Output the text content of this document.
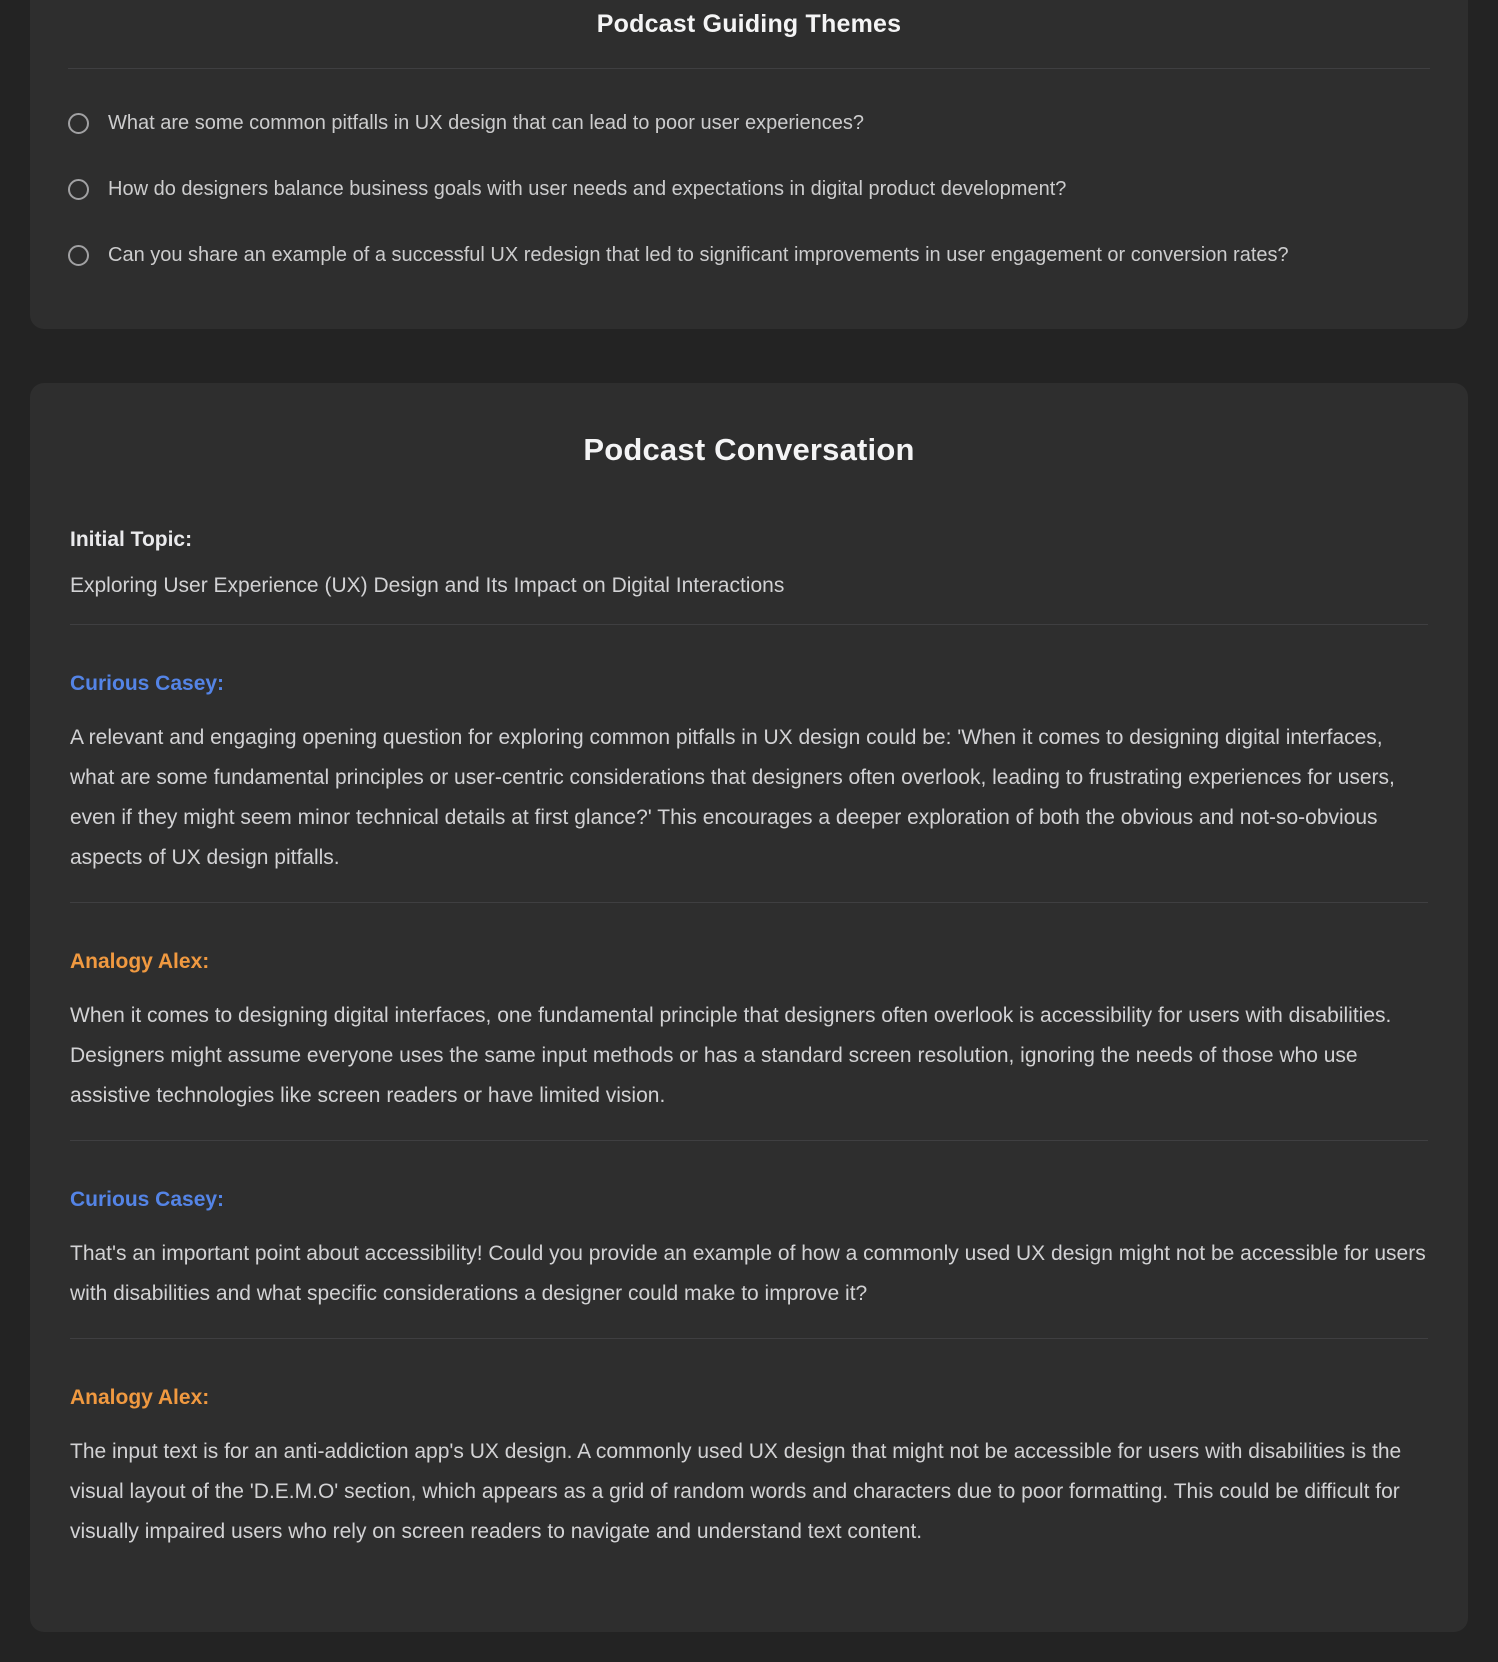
Podcast Guiding Themes
What are some common pitfalls in UX design that can lead to poor user experiences?
How do designers balance business goals with user needs and expectations in digital product development?
Can you share an example of a successful UX redesign that led to significant improvements in user engagement or conversion rates?
Podcast Conversation

Initial Topic:

Exploring User Experience (UX) Design and Its Impact on Digital Interactions

Curious Casey:

A relevant and engaging opening question for exploring common pitfalls in UX design could be: 'When it comes to designing digital interfaces, what are some fundamental principles or user-centric considerations that designers often overlook, leading to frustrating experiences for users, even if they might seem minor technical details at first glance?' This encourages a deeper exploration of both the obvious and not-so-obvious aspects of UX design pitfalls.

Analogy Alex:

When it comes to designing digital interfaces, one fundamental principle that designers often overlook is accessibility for users with disabilities. Designers might assume everyone uses the same input methods or has a standard screen resolution, ignoring the needs of those who use assistive technologies like screen readers or have limited vision.

Curious Casey:

That's an important point about accessibility! Could you provide an example of how a commonly used UX design might not be accessible for users with disabilities and what specific considerations a designer could make to improve it?

Analogy Alex:

The input text is for an anti-addiction app's UX design. A commonly used UX design that might not be accessible for users with disabilities is the visual layout of the 'D.E.M.O' section, which appears as a grid of random words and characters due to poor formatting. This could be difficult for visually impaired users who rely on screen readers to navigate and understand text content.
